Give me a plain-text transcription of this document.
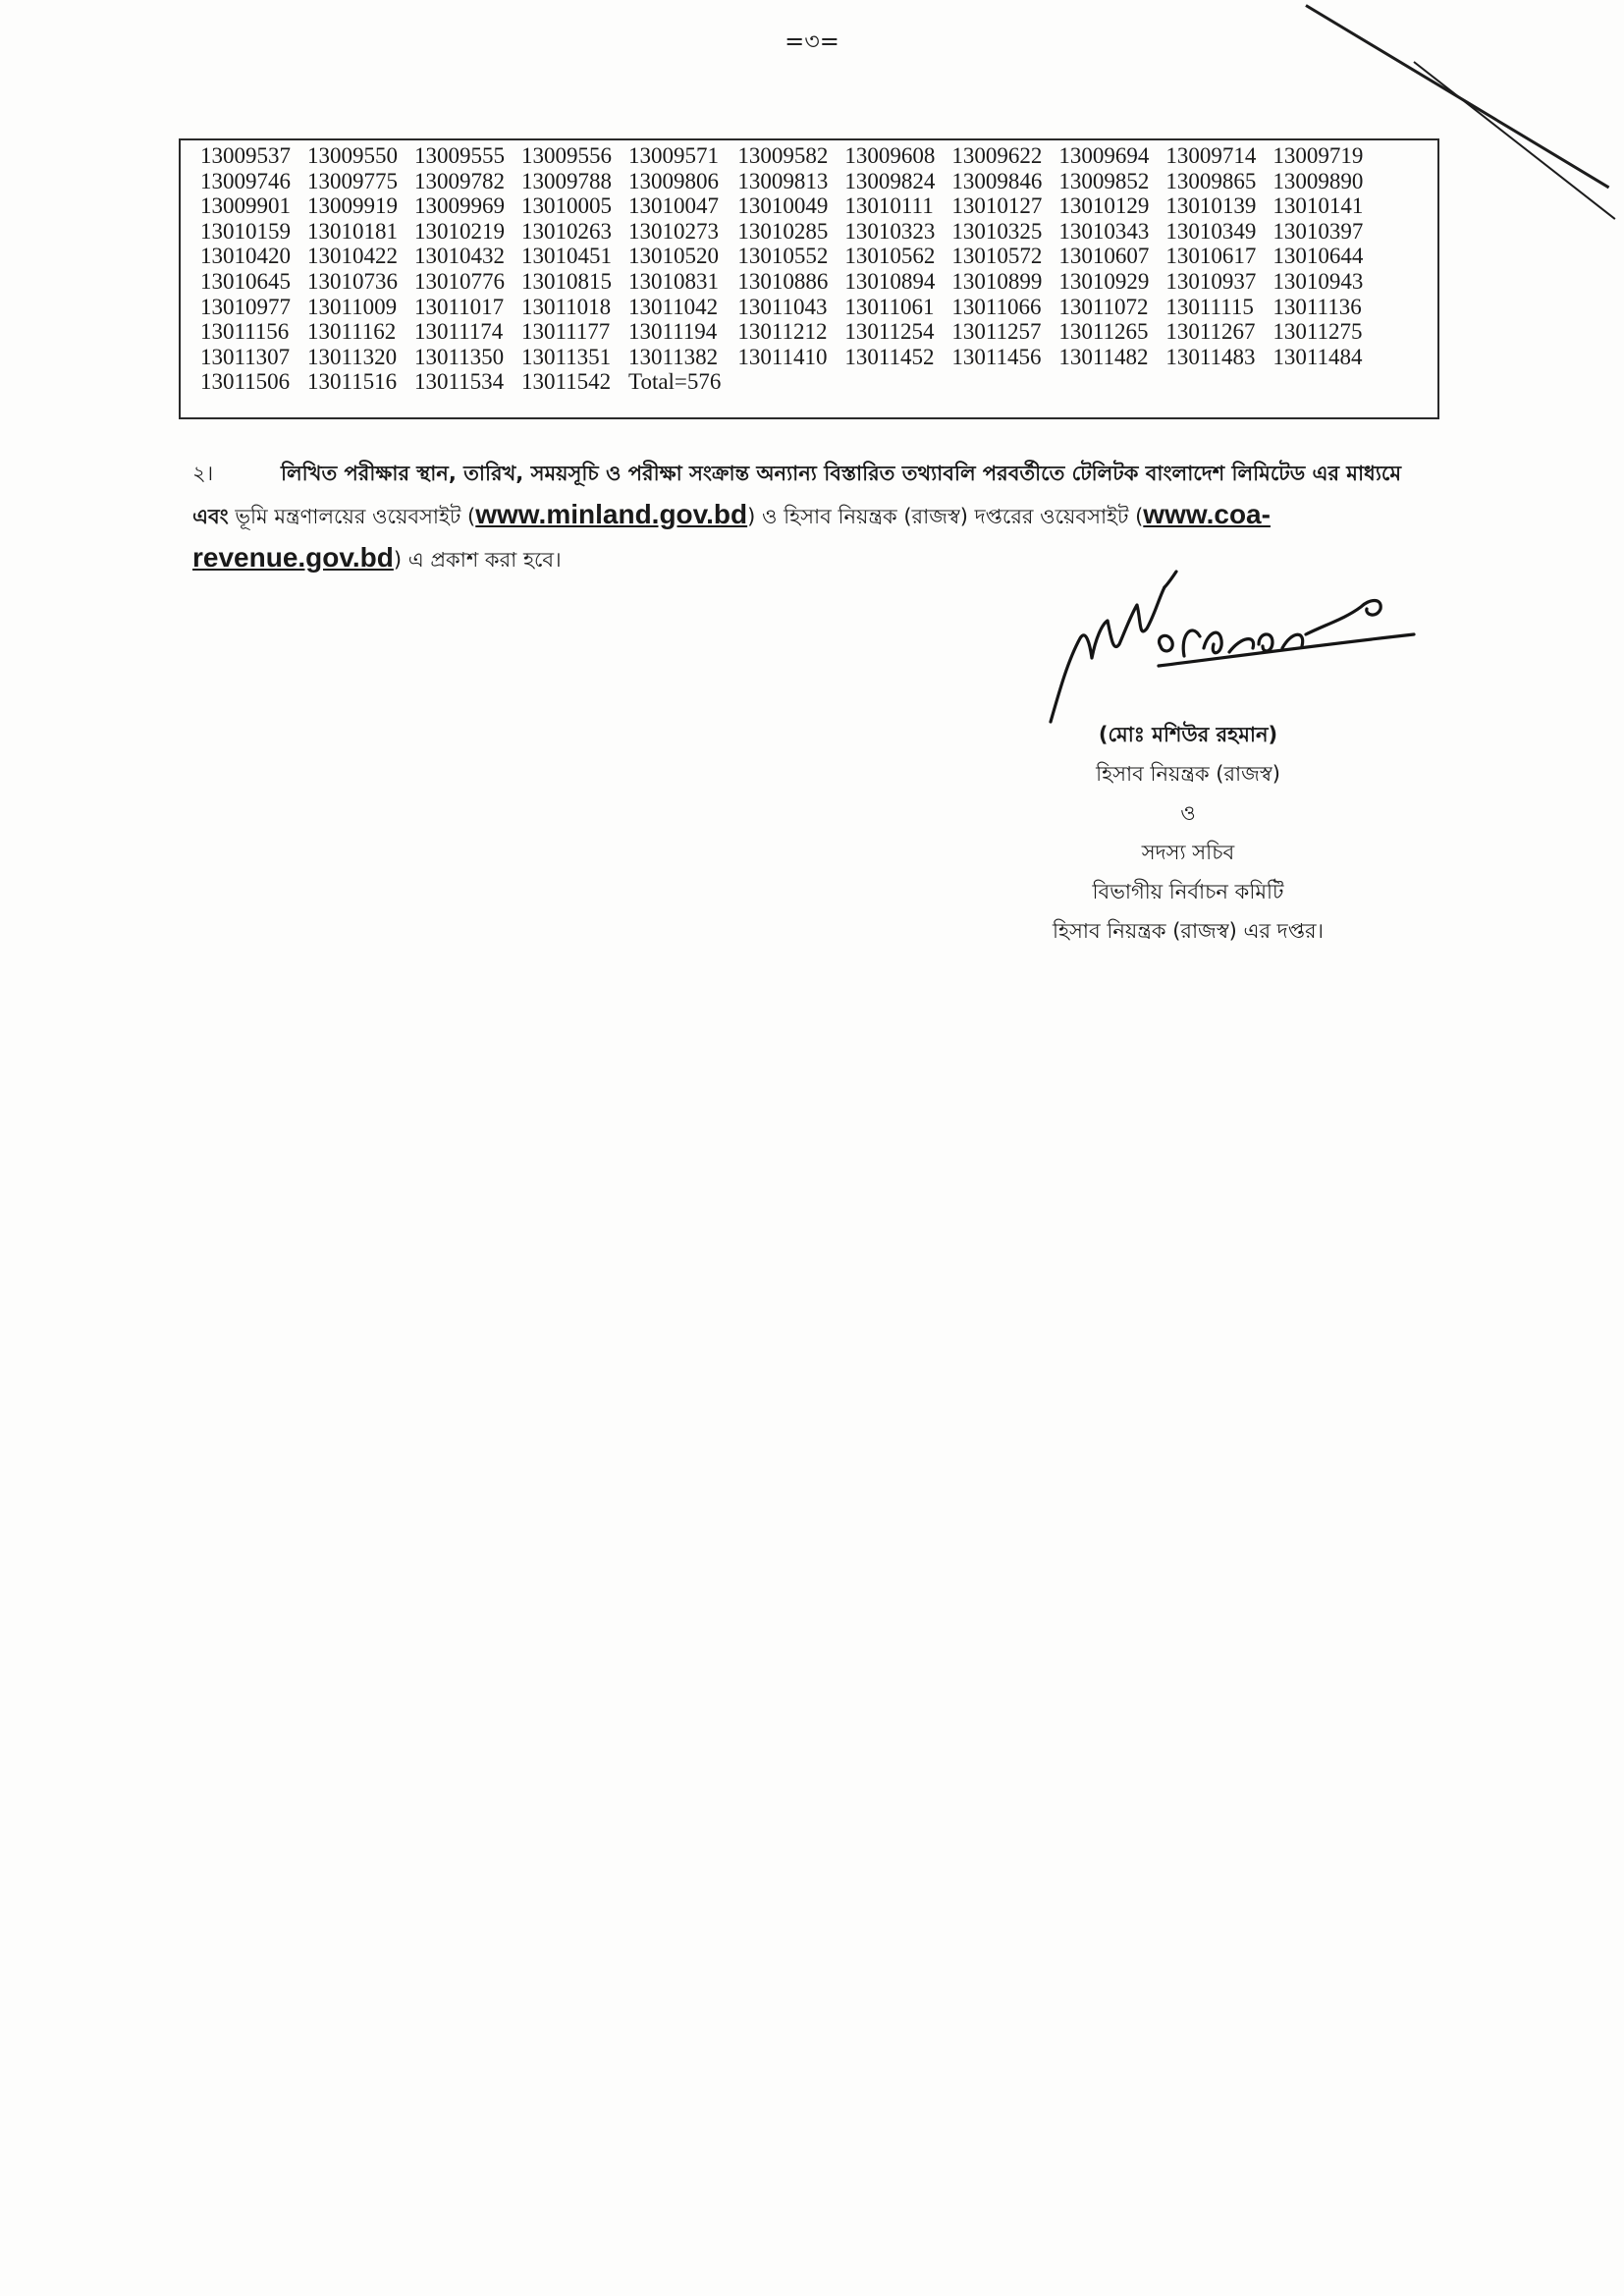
=৩=
13009537	13009550	13009555	13009556	13009571	13009582	13009608	13009622	13009694	13009714	13009719
13009746	13009775	13009782	13009788	13009806	13009813	13009824	13009846	13009852	13009865	13009890
13009901	13009919	13009969	13010005	13010047	13010049	13010111	13010127	13010129	13010139	13010141
13010159	13010181	13010219	13010263	13010273	13010285	13010323	13010325	13010343	13010349	13010397
13010420	13010422	13010432	13010451	13010520	13010552	13010562	13010572	13010607	13010617	13010644
13010645	13010736	13010776	13010815	13010831	13010886	13010894	13010899	13010929	13010937	13010943
13010977	13011009	13011017	13011018	13011042	13011043	13011061	13011066	13011072	13011115	13011136
13011156	13011162	13011174	13011177	13011194	13011212	13011254	13011257	13011265	13011267	13011275
13011307	13011320	13011350	13011351	13011382	13011410	13011452	13011456	13011482	13011483	13011484
13011506	13011516	13011534	13011542	Total=576						
২।	লিখিত পরীক্ষার স্থান, তারিখ, সময়সূচি ও পরীক্ষা সংক্রান্ত অন্যান্য বিস্তারিত তথ্যাবলি পরবর্তীতে টেলিটক বাংলাদেশ লিমিটেড এর মাধ্যমে এবং ভূমি মন্ত্রণালয়ের ওয়েবসাইট (www.minland.gov.bd) ও হিসাব নিয়ন্ত্রক (রাজস্ব) দপ্তরের ওয়েবসাইট (www.coa-revenue.gov.bd) এ প্রকাশ করা হবে।
(মোঃ মশিউর রহমান)
হিসাব নিয়ন্ত্রক (রাজস্ব)
ও
সদস্য সচিব
বিভাগীয় নির্বাচন কমিটি
হিসাব নিয়ন্ত্রক (রাজস্ব) এর দপ্তর।
